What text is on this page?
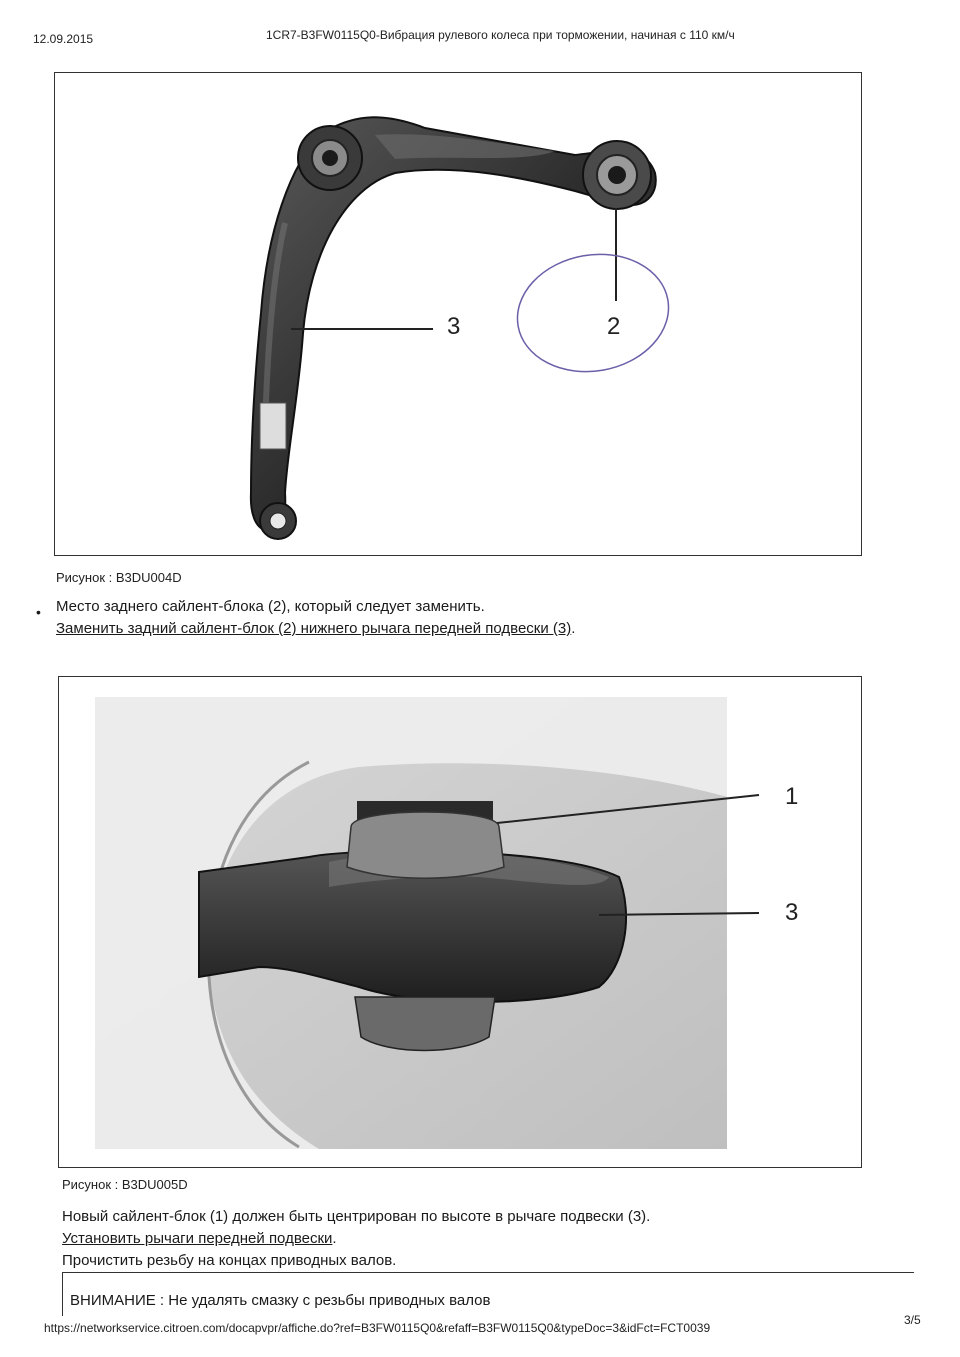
12.09.2015	1CR7-B3FW0115Q0-Вибрация рулевого колеса при торможении, начиная с 110 км/ч
3	2
Рисунок : B3DU004D
• Место заднего сайлент-блока (2), который следует заменить.
Заменить задний сайлент-блок (2) нижнего рычага передней подвески (3).
1
3
Рисунок : B3DU005D
Новый сайлент-блок (1) должен быть центрирован по высоте в рычаге подвески (3).
Установить рычаги передней подвески.
Прочистить резьбу на концах приводных валов.
ВНИМАНИЕ : Не удалять смазку с резьбы приводных валов
https://networkservice.citroen.com/docapvpr/affiche.do?ref=B3FW0115Q0&refaff=B3FW0115Q0&typeDoc=3&idFct=FCT0039
3/5
